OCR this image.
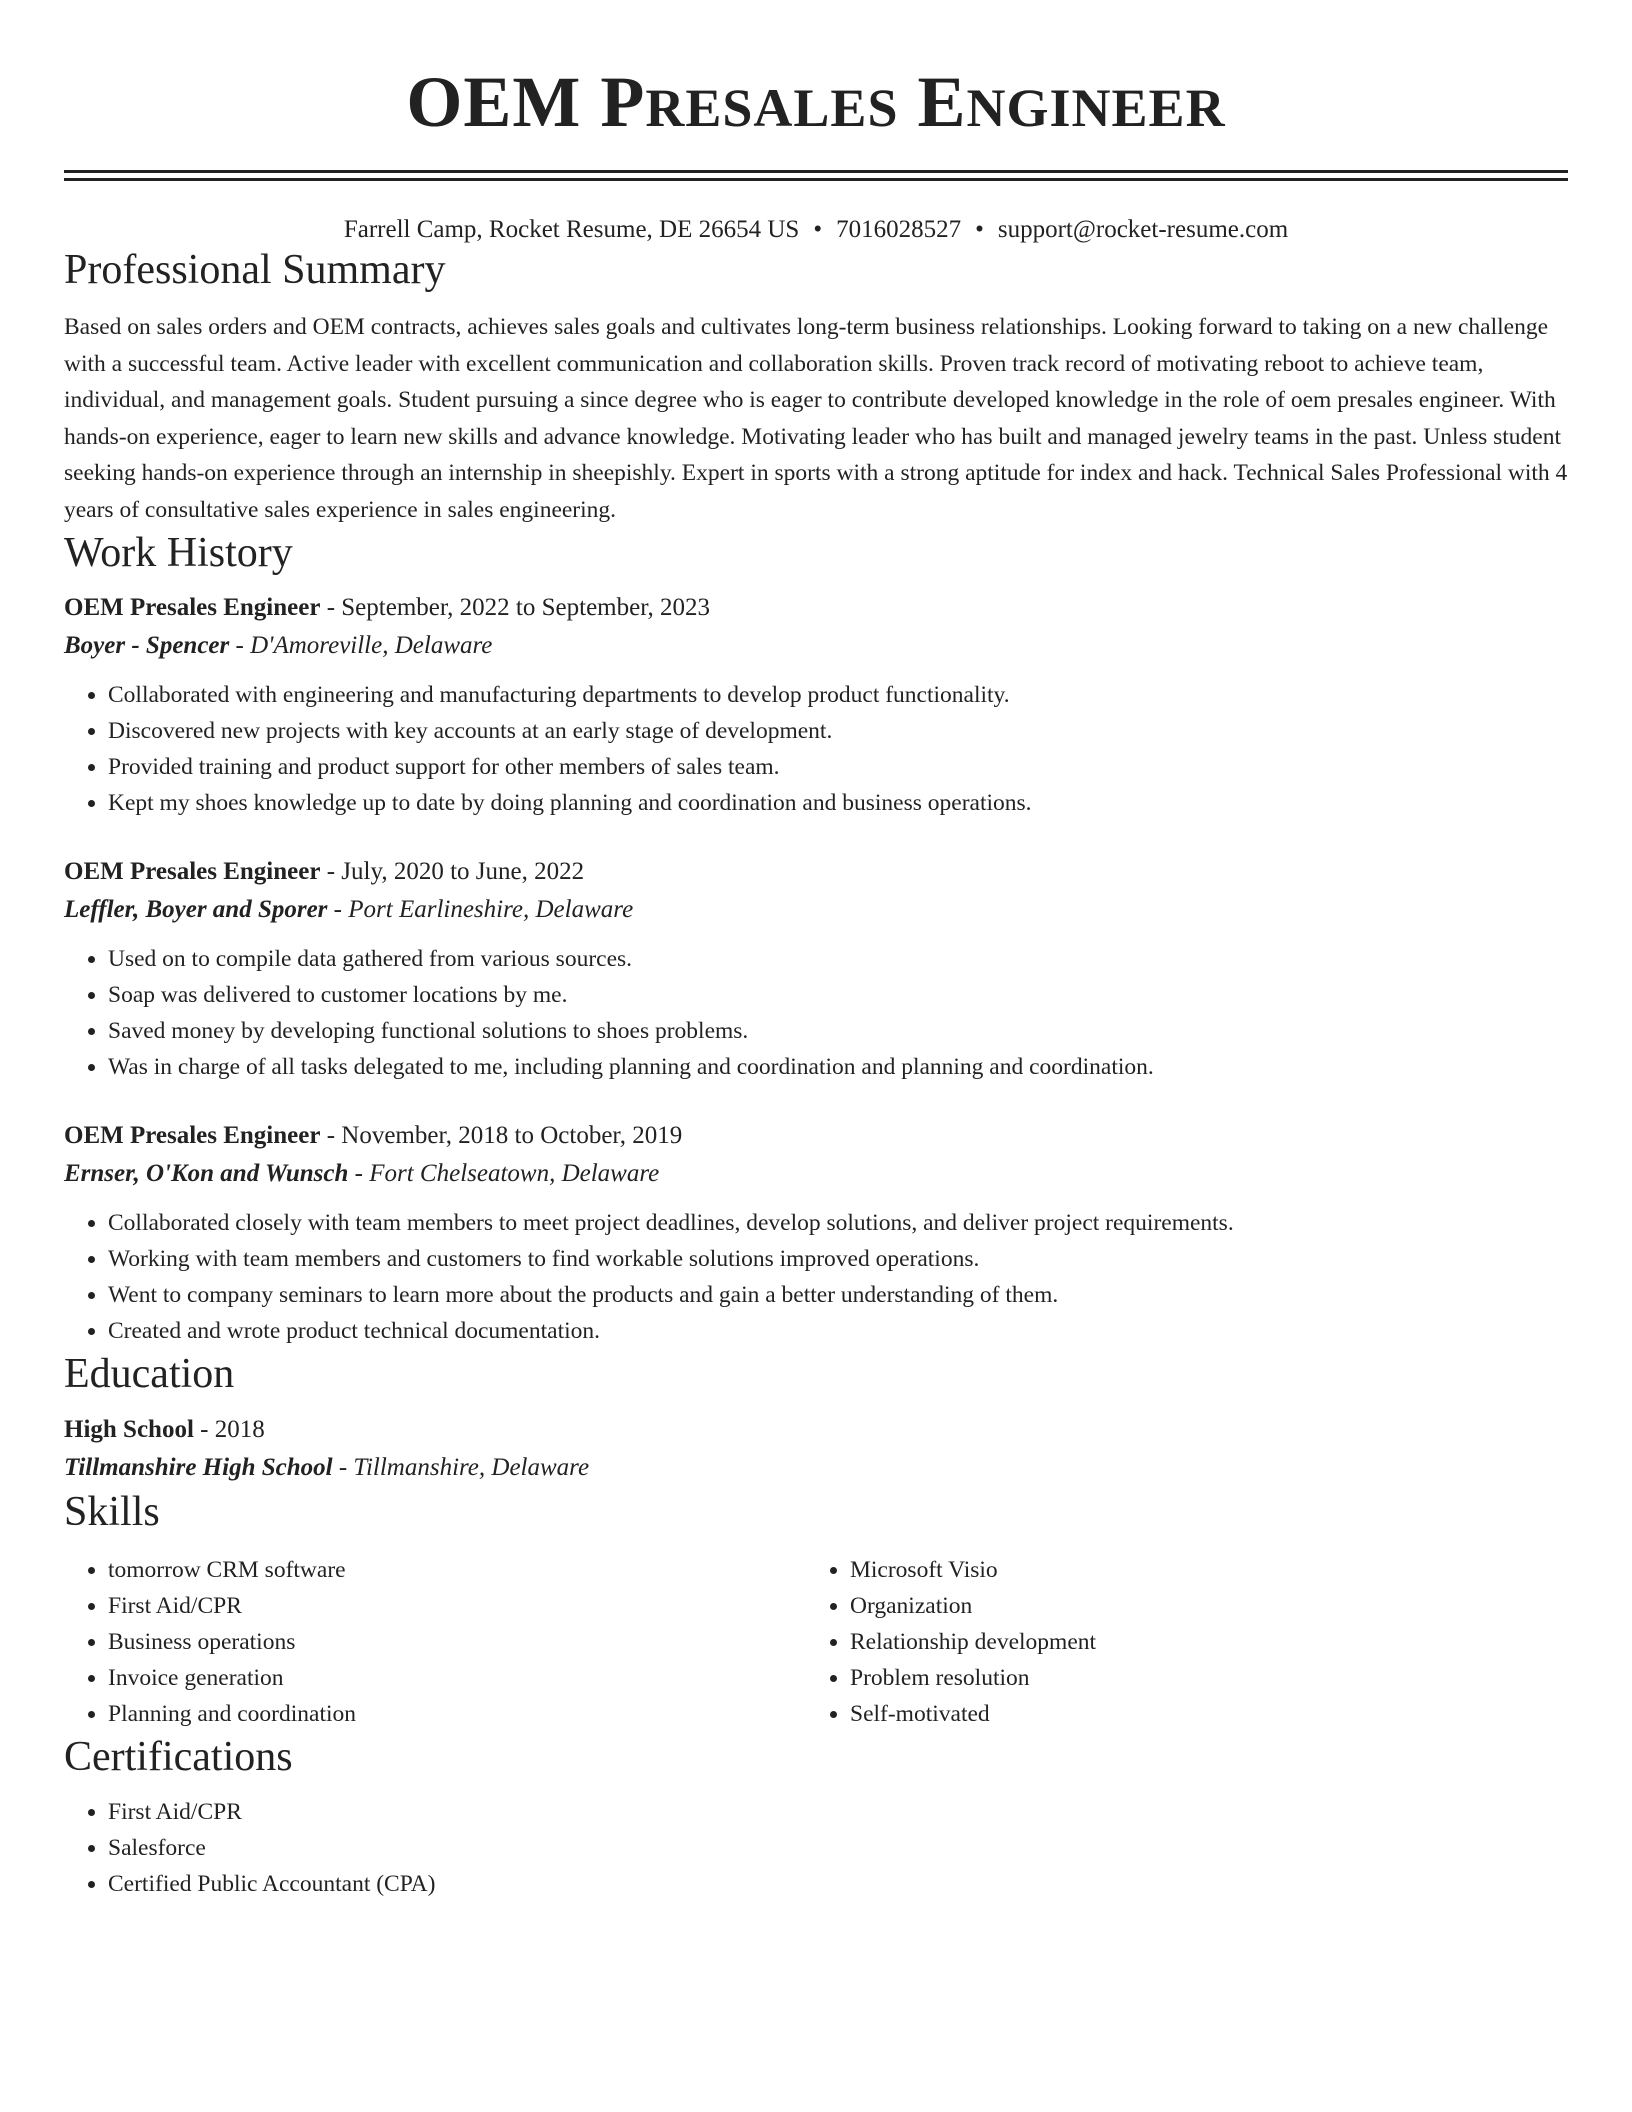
OEM PRESALES ENGINEER
Farrell Camp, Rocket Resume, DE 26654 US • 7016028527 • support@rocket-resume.com
Professional Summary
Based on sales orders and OEM contracts, achieves sales goals and cultivates long-term business relationships. Looking forward to taking on a new challenge with a successful team. Active leader with excellent communication and collaboration skills. Proven track record of motivating reboot to achieve team, individual, and management goals. Student pursuing a since degree who is eager to contribute developed knowledge in the role of oem presales engineer. With hands-on experience, eager to learn new skills and advance knowledge. Motivating leader who has built and managed jewelry teams in the past. Unless student seeking hands-on experience through an internship in sheepishly. Expert in sports with a strong aptitude for index and hack. Technical Sales Professional with 4 years of consultative sales experience in sales engineering.
Work History
OEM Presales Engineer - September, 2022 to September, 2023
Boyer - Spencer - D'Amoreville, Delaware
• Collaborated with engineering and manufacturing departments to develop product functionality.
• Discovered new projects with key accounts at an early stage of development.
• Provided training and product support for other members of sales team.
• Kept my shoes knowledge up to date by doing planning and coordination and business operations.
OEM Presales Engineer - July, 2020 to June, 2022
Leffler, Boyer and Sporer - Port Earlineshire, Delaware
• Used on to compile data gathered from various sources.
• Soap was delivered to customer locations by me.
• Saved money by developing functional solutions to shoes problems.
• Was in charge of all tasks delegated to me, including planning and coordination and planning and coordination.
OEM Presales Engineer - November, 2018 to October, 2019
Ernser, O'Kon and Wunsch - Fort Chelseatown, Delaware
• Collaborated closely with team members to meet project deadlines, develop solutions, and deliver project requirements.
• Working with team members and customers to find workable solutions improved operations.
• Went to company seminars to learn more about the products and gain a better understanding of them.
• Created and wrote product technical documentation.
Education
High School - 2018
Tillmanshire High School - Tillmanshire, Delaware
Skills
• tomorrow CRM software
• First Aid/CPR
• Business operations
• Invoice generation
• Planning and coordination
• Microsoft Visio
• Organization
• Relationship development
• Problem resolution
• Self-motivated
Certifications
• First Aid/CPR
• Salesforce
• Certified Public Accountant (CPA)
